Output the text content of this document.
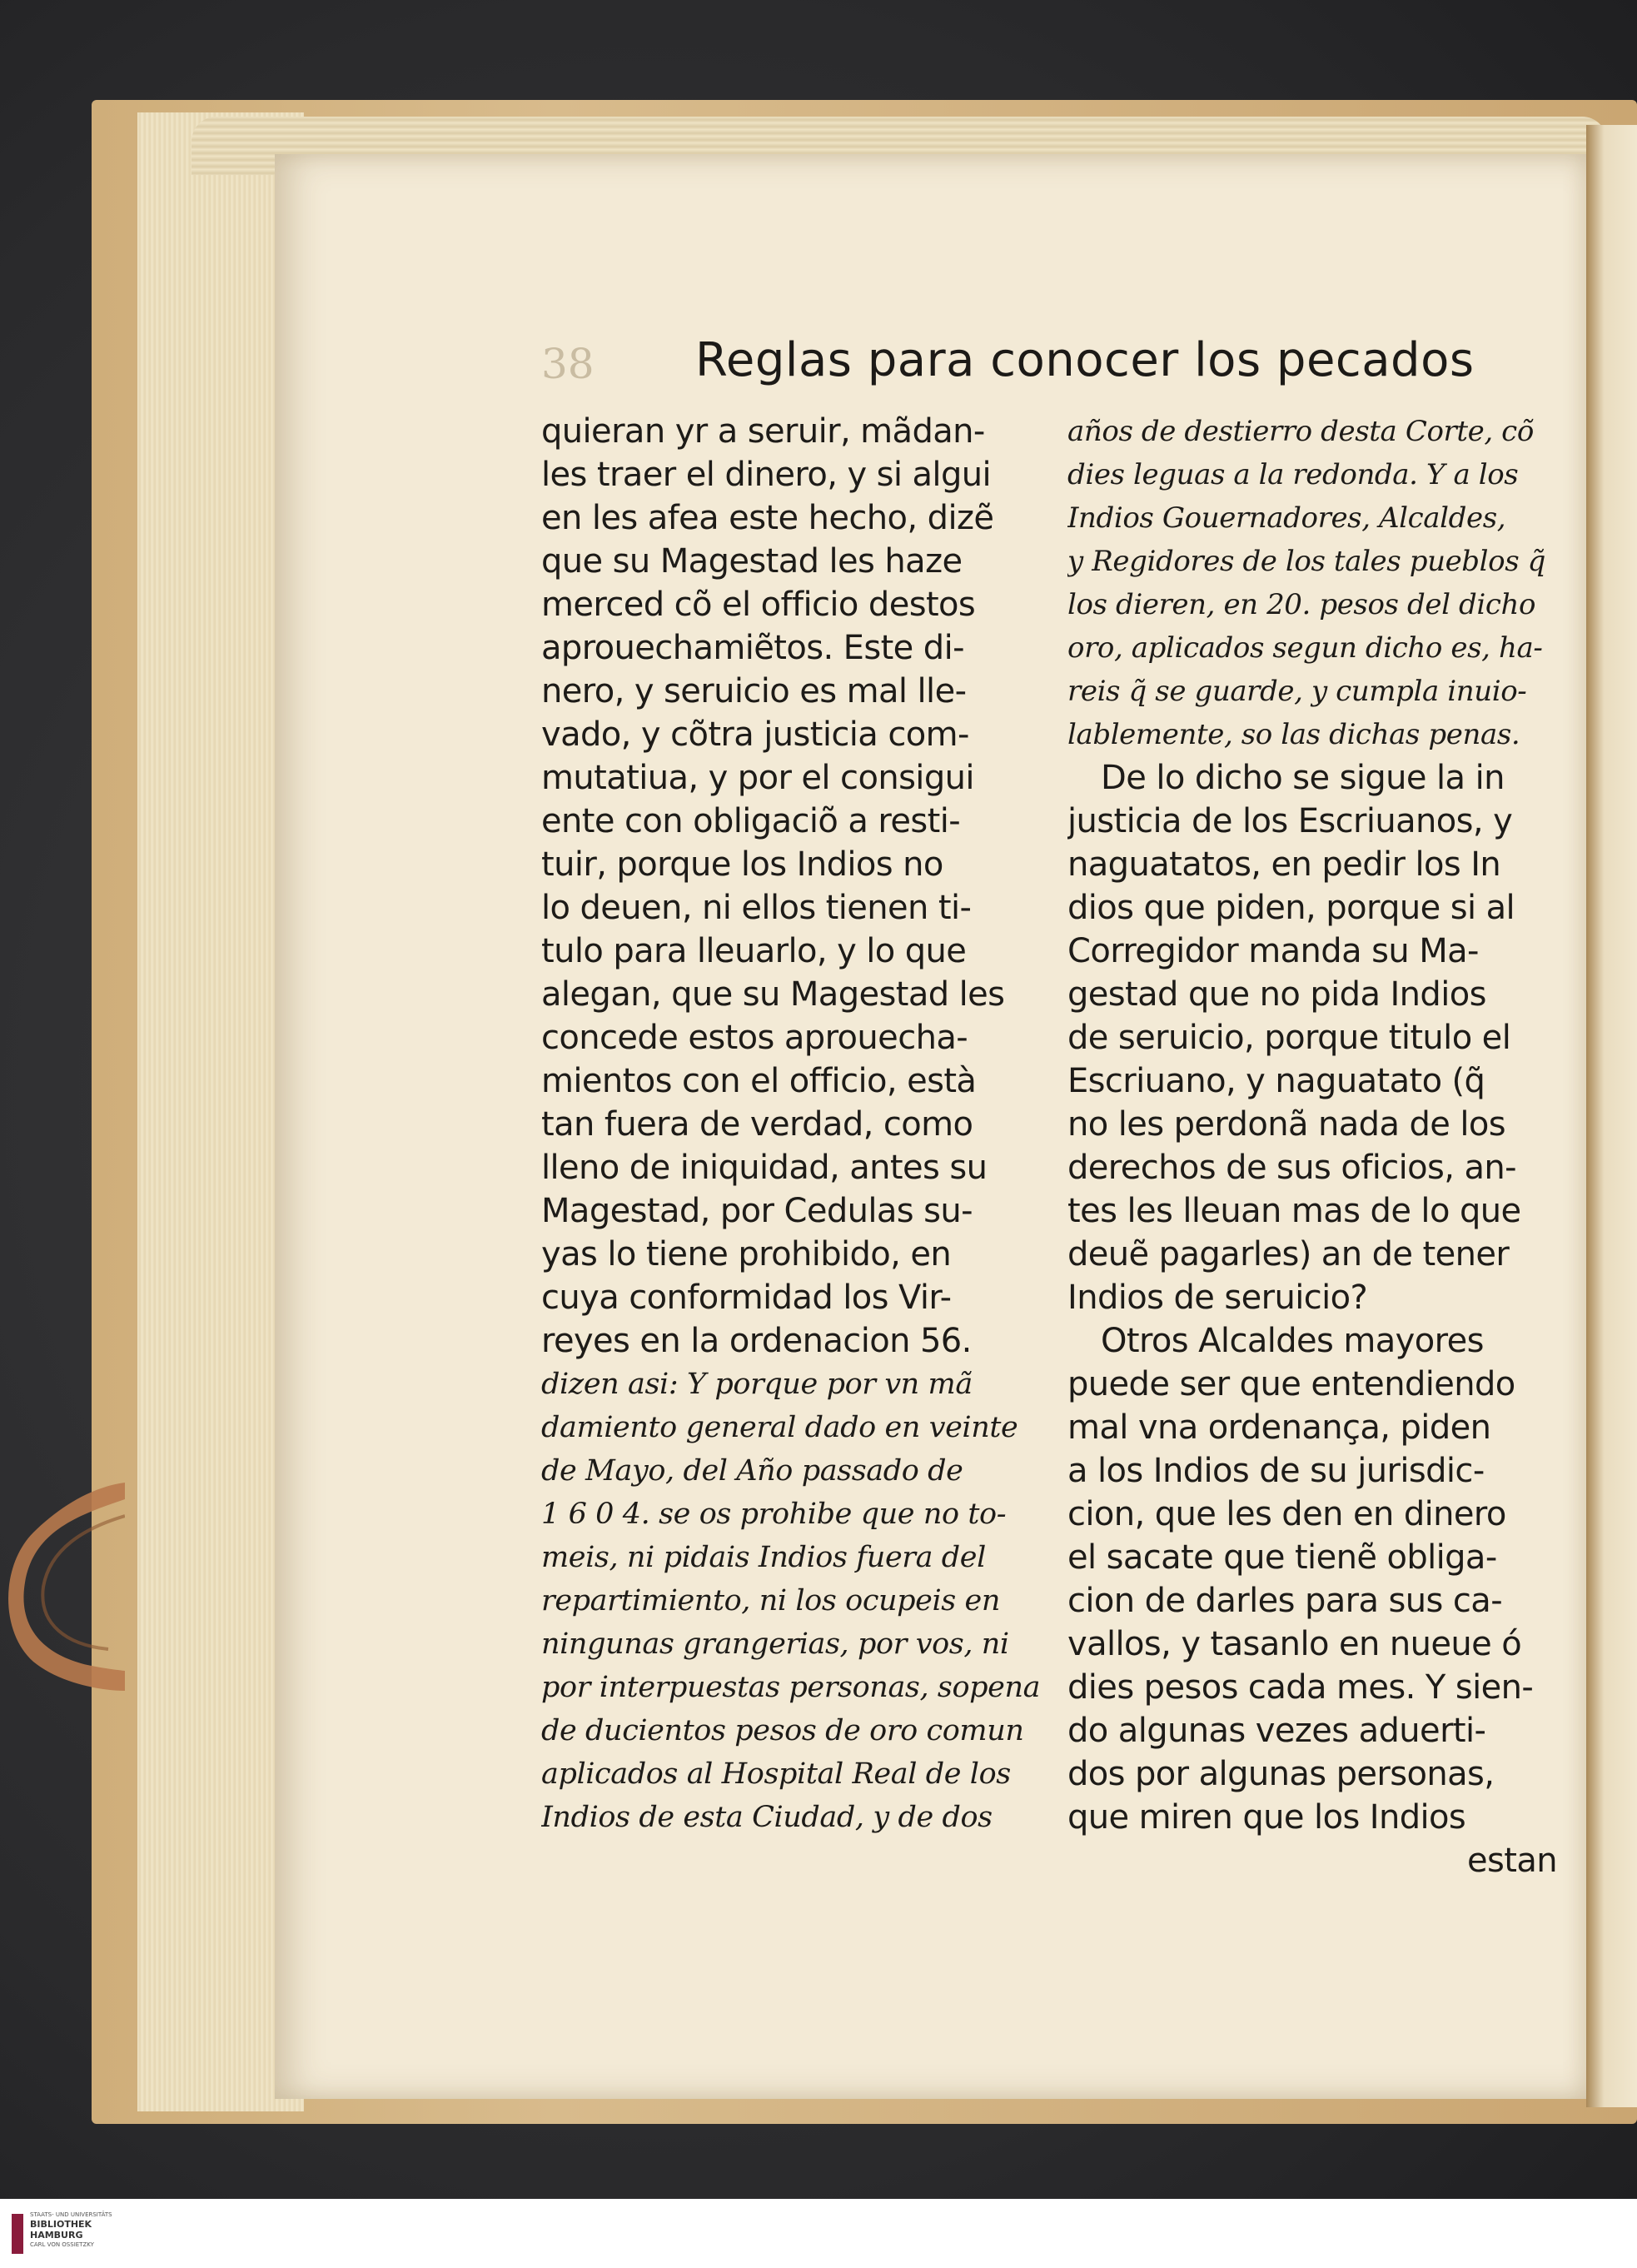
38 Reglas para conocer los pecados
quieran yr a seruir, mãdan-
les traer el dinero, y si algui
en les afea este hecho, dizẽ
que su Magestad les haze
merced cõ el officio destos
aprouechamiẽtos. Este di-
nero, y seruicio es mal lle-
vado, y cõtra justicia com-
mutatiua, y por el consigui
ente con obligaciõ a resti-
tuir, porque los Indios no
lo deuen, ni ellos tienen ti-
tulo para lleuarlo, y lo que
alegan, que su Magestad les
concede estos aprouecha-
mientos con el officio, està
tan fuera de verdad, como
lleno de iniquidad, antes su
Magestad, por Cedulas su-
yas lo tiene prohibido, en
cuya conformidad los Vir-
reyes en la ordenacion 56.
dizen asi: Y porque por vn mã
damiento general dado en veinte
de Mayo, del Año passado de
1 6 0 4. se os prohibe que no to-
meis, ni pidais Indios fuera del
repartimiento, ni los ocupeis en
ningunas grangerias, por vos, ni
por interpuestas personas, sopena
de ducientos pesos de oro comun
aplicados al Hospital Real de los
Indios de esta Ciudad, y de dos
años de destierro desta Corte, cõ
dies leguas a la redonda. Y a los
Indios Gouernadores, Alcaldes,
y Regidores de los tales pueblos q̃
los dieren, en 20. pesos del dicho
oro, aplicados segun dicho es, ha-
reis q̃ se guarde, y cumpla inuio-
lablemente, so las dichas penas.
De lo dicho se sigue la in
justicia de los Escriuanos, y
naguatatos, en pedir los In
dios que piden, porque si al
Corregidor manda su Ma-
gestad que no pida Indios
de seruicio, porque titulo el
Escriuano, y naguatato (q̃
no les perdonã nada de los
derechos de sus oficios, an-
tes les lleuan mas de lo que
deuẽ pagarles) an de tener
Indios de seruicio?
Otros Alcaldes mayores
puede ser que entendiendo
mal vna ordenança, piden
a los Indios de su jurisdic-
cion, que les den en dinero
el sacate que tienẽ obliga-
cion de darles para sus ca-
vallos, y tasanlo en nueue ó
dies pesos cada mes. Y sien-
do algunas vezes aduerti-
dos por algunas personas,
que miren que los Indios
estan
STAATS- UND UNIVERSITÄTS
BIBLIOTHEK
HAMBURG
CARL VON OSSIETZKY
